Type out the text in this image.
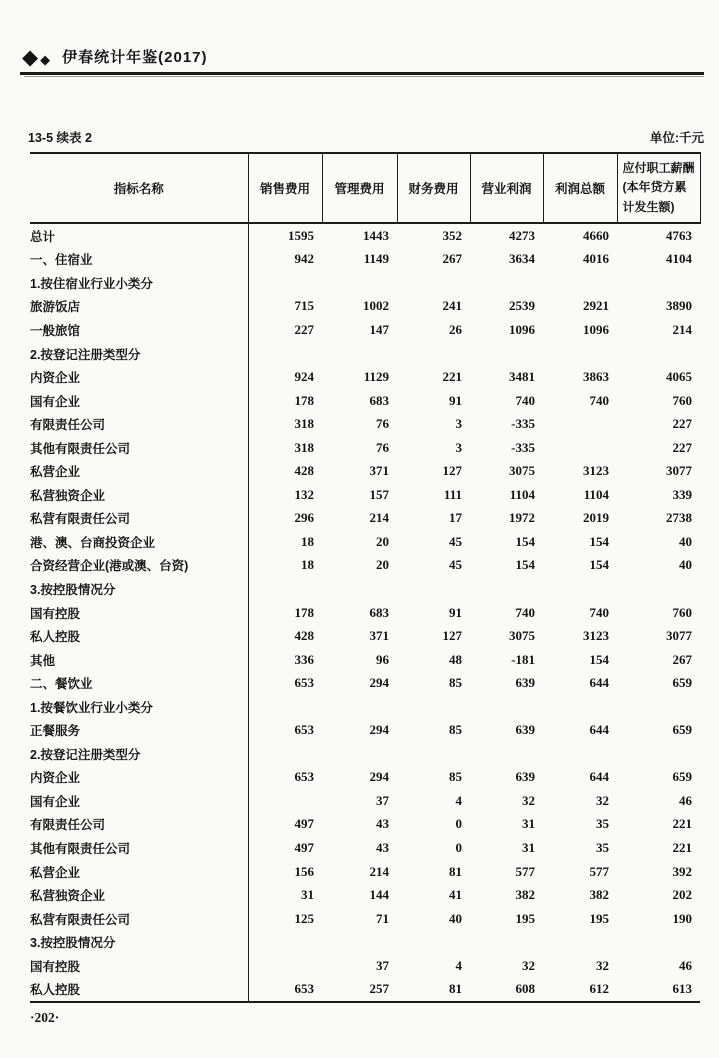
◆ ◆ 伊春统计年鉴(2017)
13-5 续表 2	单位:千元
指标名称	销售费用	管理费用	财务费用	营业利润	利润总额	应付职工薪酬(本年贷方累计发生额)
总计	1595	1443	352	4273	4660	4763
一、住宿业	942	1149	267	3634	4016	4104
1.按住宿业行业小类分						
旅游饭店	715	1002	241	2539	2921	3890
一般旅馆	227	147	26	1096	1096	214
2.按登记注册类型分						
内资企业	924	1129	221	3481	3863	4065
国有企业	178	683	91	740	740	760
有限责任公司	318	76	3	-335		227
其他有限责任公司	318	76	3	-335		227
私营企业	428	371	127	3075	3123	3077
私营独资企业	132	157	111	1104	1104	339
私营有限责任公司	296	214	17	1972	2019	2738
港、澳、台商投资企业	18	20	45	154	154	40
合资经营企业(港或澳、台资)	18	20	45	154	154	40
3.按控股情况分						
国有控股	178	683	91	740	740	760
私人控股	428	371	127	3075	3123	3077
其他	336	96	48	-181	154	267
二、餐饮业	653	294	85	639	644	659
1.按餐饮业行业小类分						
正餐服务	653	294	85	639	644	659
2.按登记注册类型分						
内资企业	653	294	85	639	644	659
国有企业		37	4	32	32	46
有限责任公司	497	43	0	31	35	221
其他有限责任公司	497	43	0	31	35	221
私营企业	156	214	81	577	577	392
私营独资企业	31	144	41	382	382	202
私营有限责任公司	125	71	40	195	195	190
3.按控股情况分						
国有控股		37	4	32	32	46
私人控股	653	257	81	608	612	613
·202·
